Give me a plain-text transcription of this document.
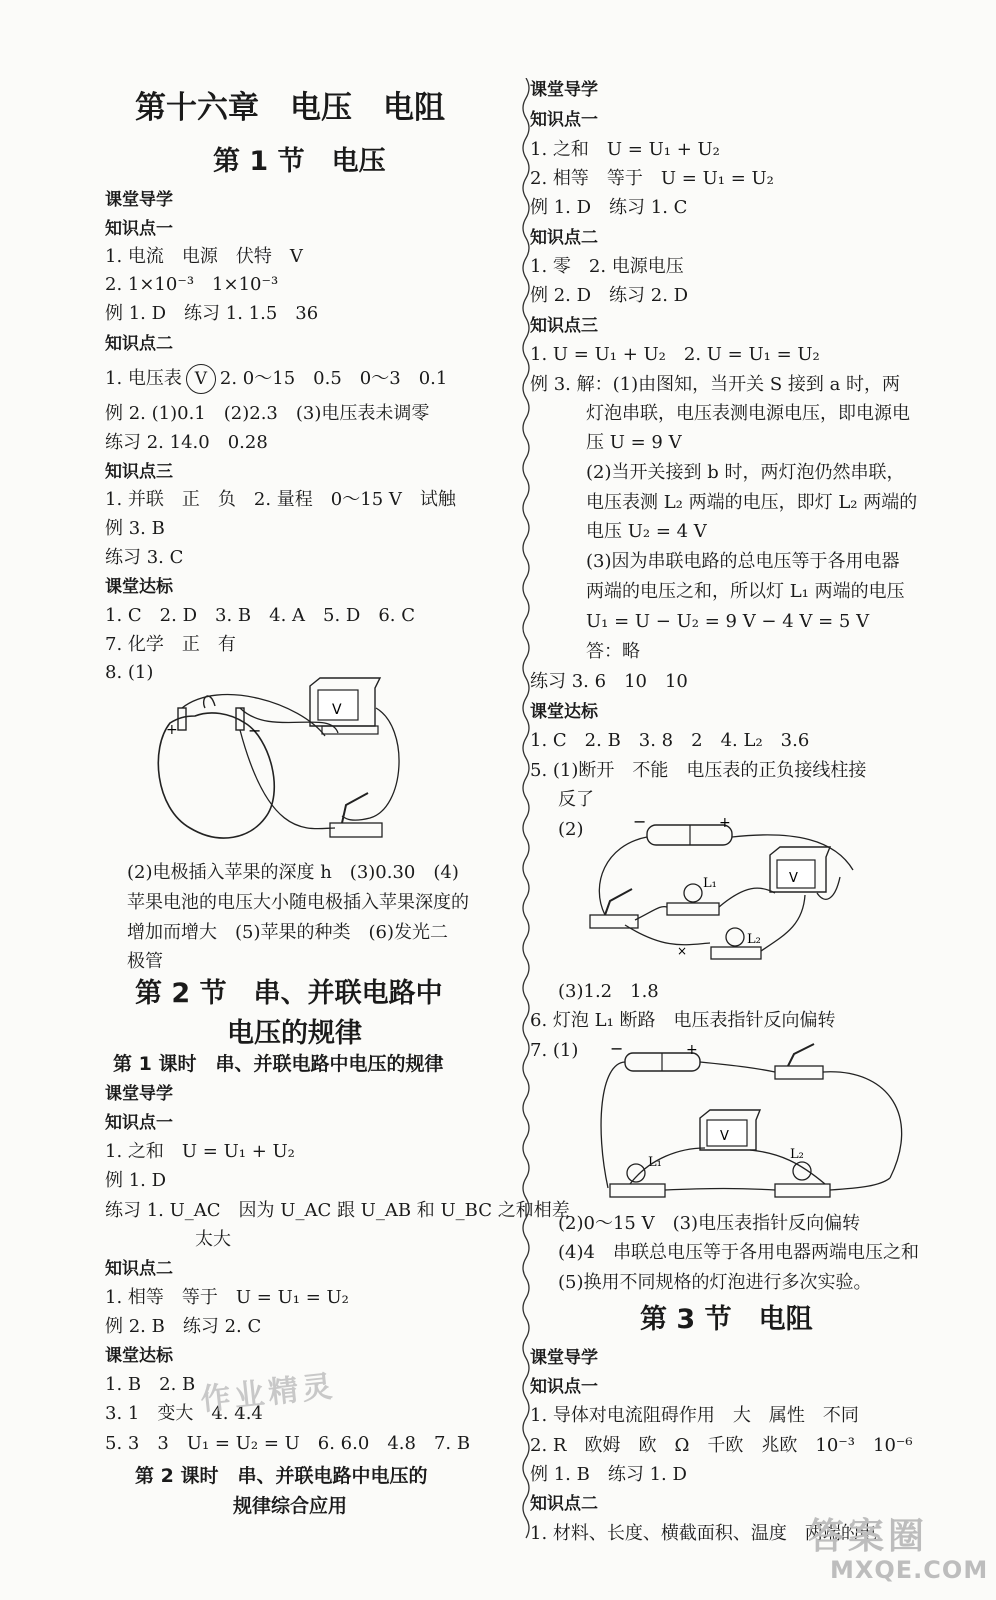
第十六章　电压　电阻
第 1 节　电压
课堂导学
知识点一
1. 电流　电源　伏特　V
2. 1×10⁻³　1×10⁻³
例 1. D　练习 1. 1.5　36
知识点二
1. 电压表 V 2. 0～15　0.5　0～3　0.1
例 2. (1)0.1　(2)2.3　(3)电压表未调零
练习 2. 14.0　0.28
知识点三
1. 并联　正　负　2. 量程　0～15 V　试触
例 3. B
练习 3. C
课堂达标
1. C　2. D　3. B　4. A　5. D　6. C
7. 化学　正　有
8. (1)
(2)电极插入苹果的深度 h　(3)0.30　(4)
苹果电池的电压大小随电极插入苹果深度的
增加而增大　(5)苹果的种类　(6)发光二
极管
第 2 节　串、并联电路中
电压的规律
第 1 课时　串、并联电路中电压的规律
课堂导学
知识点一
1. 之和　U = U₁ + U₂
例 1. D
练习 1. U_AC　因为 U_AC 跟 U_AB 和 U_BC 之和相差
太大
知识点二
1. 相等　等于　U = U₁ = U₂
例 2. B　练习 2. C
课堂达标
1. B　2. B
3. 1　变大　4. 4.4
5. 3　3　U₁ = U₂ = U　6. 6.0　4.8　7. B
第 2 课时　串、并联电路中电压的
规律综合应用
作业精灵
+	−
V
课堂导学
知识点一
1. 之和　U = U₁ + U₂
2. 相等　等于　U = U₁ = U₂
例 1. D　练习 1. C
知识点二
1. 零　2. 电源电压
例 2. D　练习 2. D
知识点三
1. U = U₁ + U₂　2. U = U₁ = U₂
例 3. 解：(1)由图知，当开关 S 接到 a 时，两
灯泡串联，电压表测电源电压，即电源电
压 U = 9 V
(2)当开关接到 b 时，两灯泡仍然串联，
电压表测 L₂ 两端的电压，即灯 L₂ 两端的
电压 U₂ = 4 V
(3)因为串联电路的总电压等于各用电器
两端的电压之和，所以灯 L₁ 两端的电压
U₁ = U − U₂ = 9 V − 4 V = 5 V
答：略
练习 3. 6　10　10
课堂达标
1. C　2. B　3. 8　2　4. L₂　3.6
5. (1)断开　不能　电压表的正负接线柱接
反了
(2)
(3)1.2　1.8
6. 灯泡 L₁ 断路　电压表指针反向偏转
7. (1)
(2)0～15 V　(3)电压表指针反向偏转
(4)4　串联总电压等于各用电器两端电压之和
(5)换用不同规格的灯泡进行多次实验。
第 3 节　电阻
课堂导学
知识点一
1. 导体对电流阻碍作用　大　属性　不同
2. R　欧姆　欧　Ω　千欧　兆欧　10⁻³　10⁻⁶
例 1. B　练习 1. D
知识点二
1. 材料、长度、横截面积、温度　两端的电
−	+
L₁	V
×
L₂
−	+
V
L₁
L₂
答案圈
MXQE.COM
